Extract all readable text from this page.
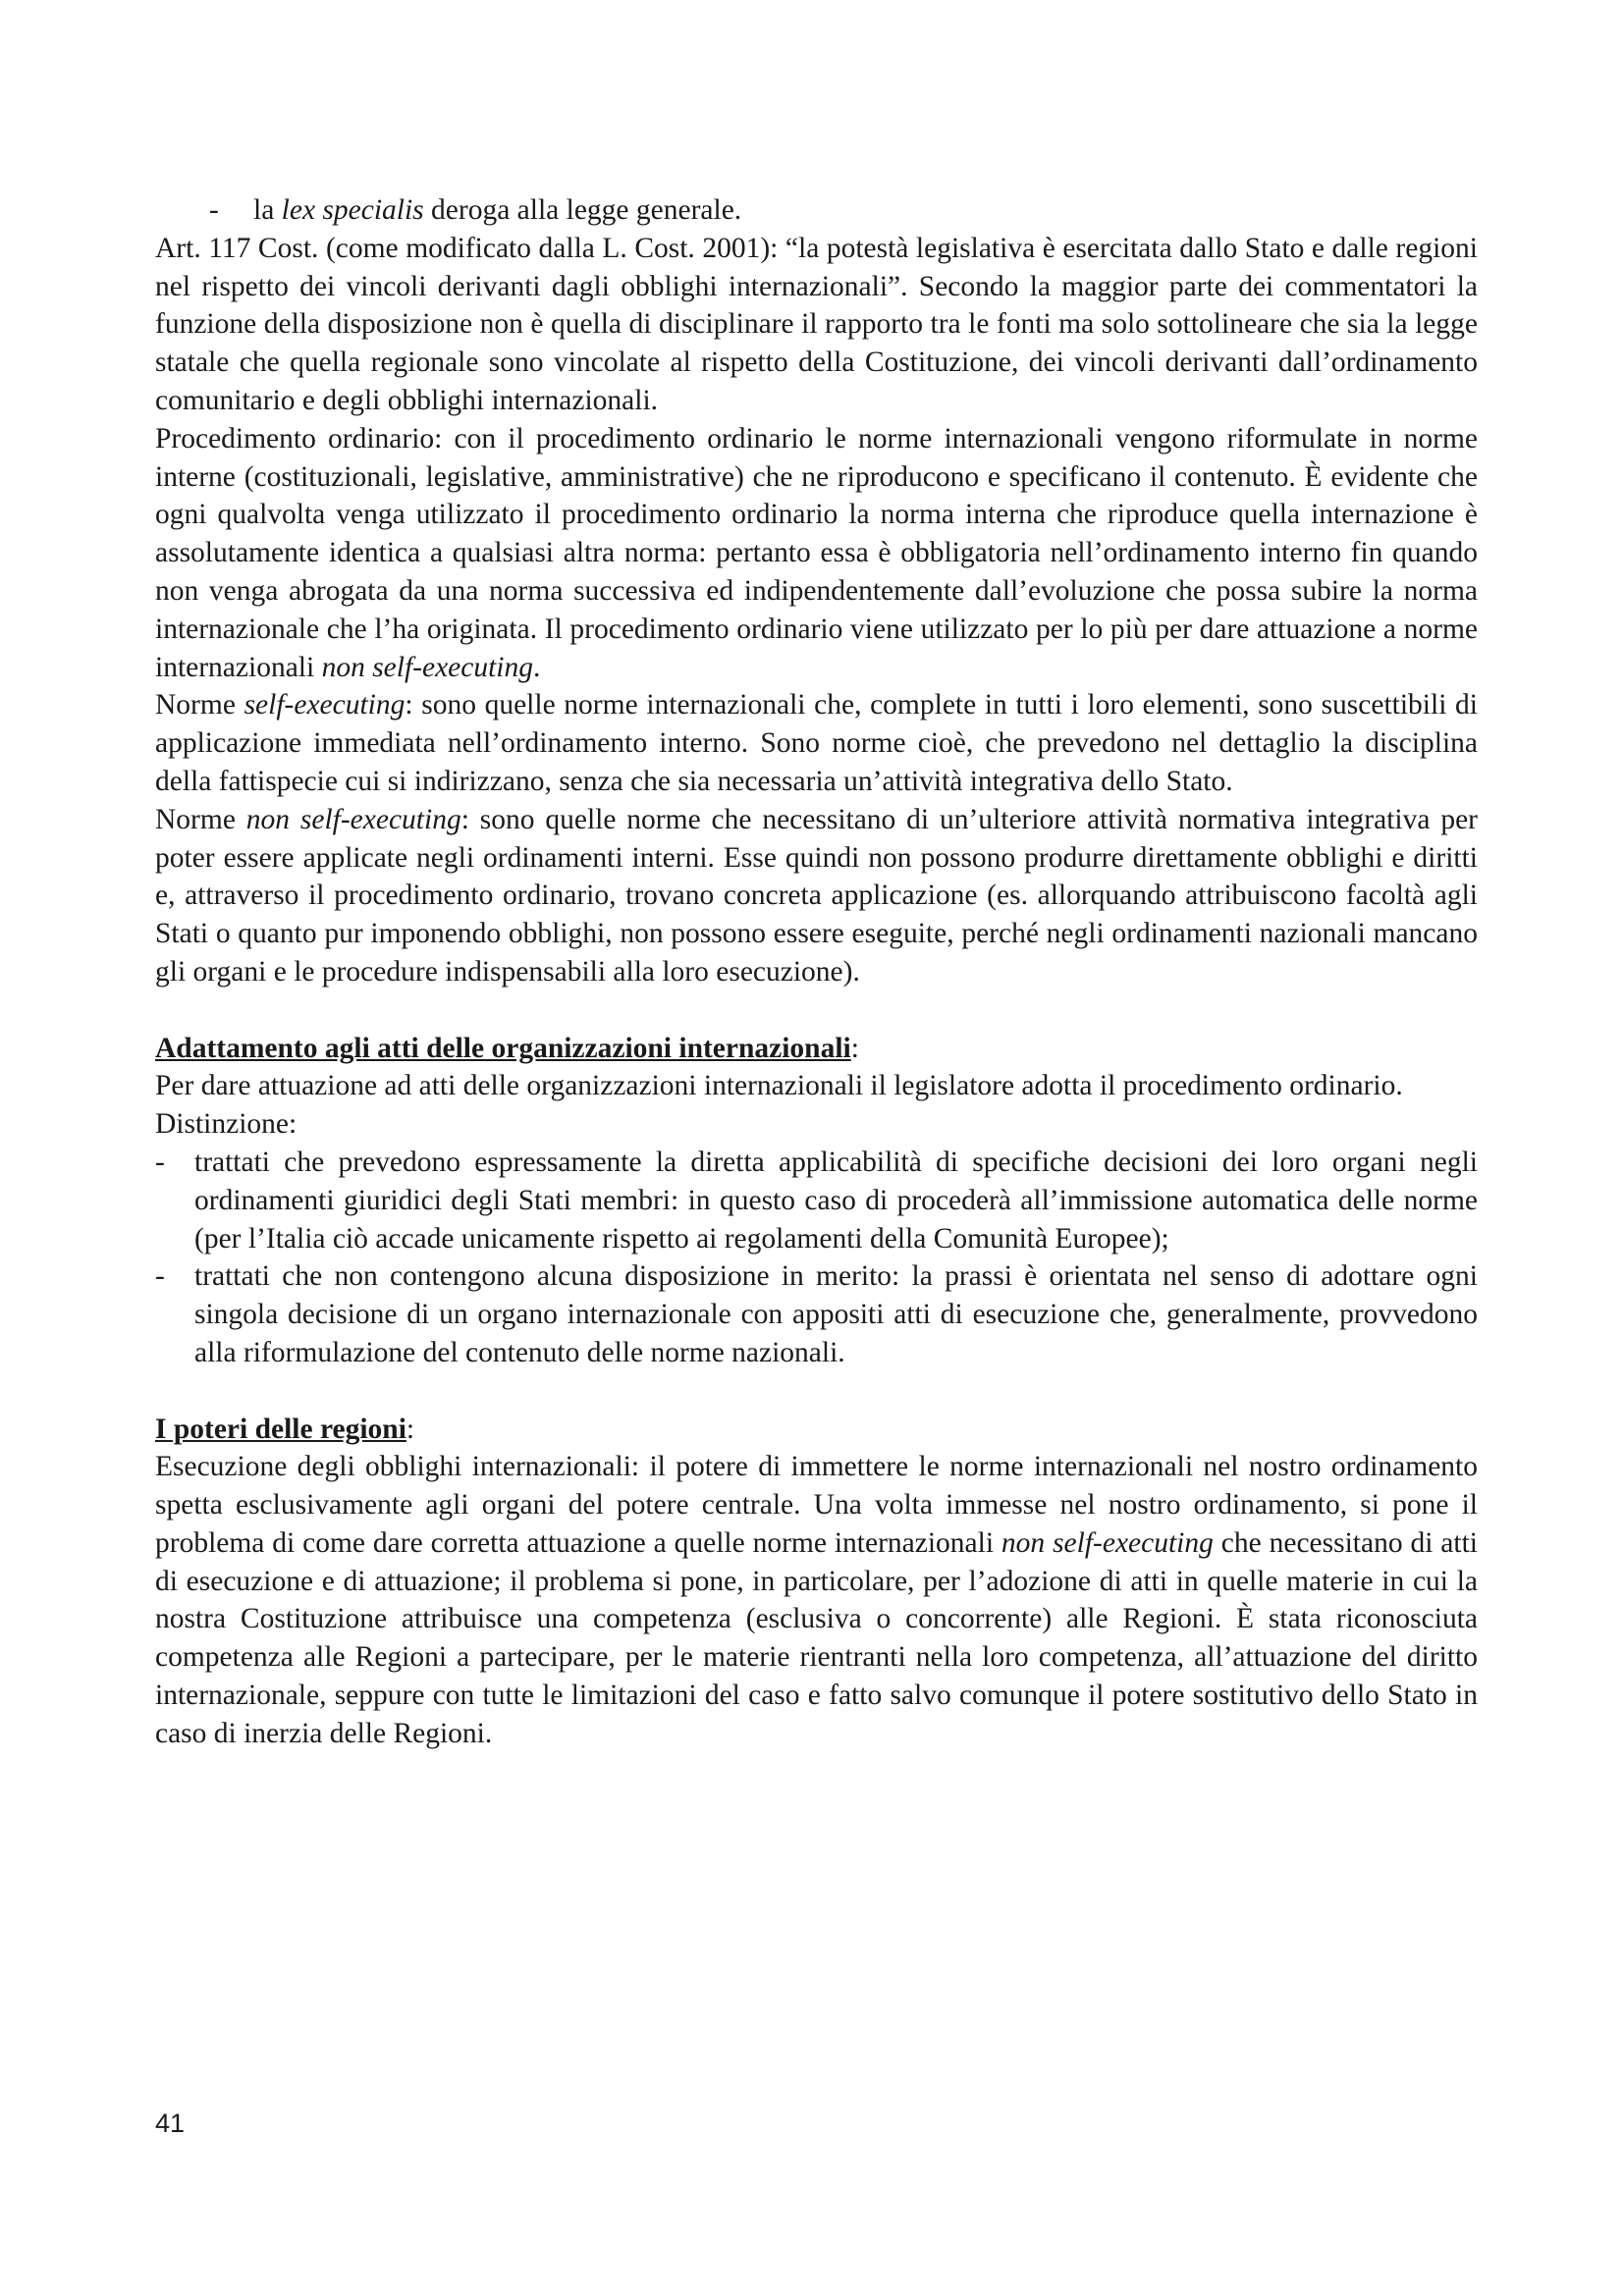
- la lex specialis deroga alla legge generale.

Art. 117 Cost. (come modificato dalla L. Cost. 2001): “la potestà legislativa è esercitata dallo Stato e dalle regioni nel rispetto dei vincoli derivanti dagli obblighi internazionali”. Secondo la maggior parte dei commentatori la funzione della disposizione non è quella di disciplinare il rapporto tra le fonti ma solo sottolineare che sia la legge statale che quella regionale sono vincolate al rispetto della Costituzione, dei vincoli derivanti dall’ordinamento comunitario e degli obblighi internazionali.

Procedimento ordinario: con il procedimento ordinario le norme internazionali vengono riformulate in norme interne (costituzionali, legislative, amministrative) che ne riproducono e specificano il contenuto. È evidente che ogni qualvolta venga utilizzato il procedimento ordinario la norma interna che riproduce quella internazione è assolutamente identica a qualsiasi altra norma: pertanto essa è obbligatoria nell’ordinamento interno fin quando non venga abrogata da una norma successiva ed indipendentemente dall’evoluzione che possa subire la norma internazionale che l’ha originata. Il procedimento ordinario viene utilizzato per lo più per dare attuazione a norme internazionali non self-executing.

Norme self-executing: sono quelle norme internazionali che, complete in tutti i loro elementi, sono suscettibili di applicazione immediata nell’ordinamento interno. Sono norme cioè, che prevedono nel dettaglio la disciplina della fattispecie cui si indirizzano, senza che sia necessaria un’attività integrativa dello Stato.

Norme non self-executing: sono quelle norme che necessitano di un’ulteriore attività normativa integrativa per poter essere applicate negli ordinamenti interni. Esse quindi non possono produrre direttamente obblighi e diritti e, attraverso il procedimento ordinario, trovano concreta applicazione (es. allorquando attribuiscono facoltà agli Stati o quanto pur imponendo obblighi, non possono essere eseguite, perché negli ordinamenti nazionali mancano gli organi e le procedure indispensabili alla loro esecuzione).

Adattamento agli atti delle organizzazioni internazionali:

Per dare attuazione ad atti delle organizzazioni internazionali il legislatore adotta il procedimento ordinario.

Distinzione:

- trattati che prevedono espressamente la diretta applicabilità di specifiche decisioni dei loro organi negli ordinamenti giuridici degli Stati membri: in questo caso di procederà all’immissione automatica delle norme (per l’Italia ciò accade unicamente rispetto ai regolamenti della Comunità Europee);

- trattati che non contengono alcuna disposizione in merito: la prassi è orientata nel senso di adottare ogni singola decisione di un organo internazionale con appositi atti di esecuzione che, generalmente, provvedono alla riformulazione del contenuto delle norme nazionali.

I poteri delle regioni:

Esecuzione degli obblighi internazionali: il potere di immettere le norme internazionali nel nostro ordinamento spetta esclusivamente agli organi del potere centrale. Una volta immesse nel nostro ordinamento, si pone il problema di come dare corretta attuazione a quelle norme internazionali non self-executing che necessitano di atti di esecuzione e di attuazione; il problema si pone, in particolare, per l’adozione di atti in quelle materie in cui la nostra Costituzione attribuisce una competenza (esclusiva o concorrente) alle Regioni. È stata riconosciuta competenza alle Regioni a partecipare, per le materie rientranti nella loro competenza, all’attuazione del diritto internazionale, seppure con tutte le limitazioni del caso e fatto salvo comunque il potere sostitutivo dello Stato in caso di inerzia delle Regioni.

41
